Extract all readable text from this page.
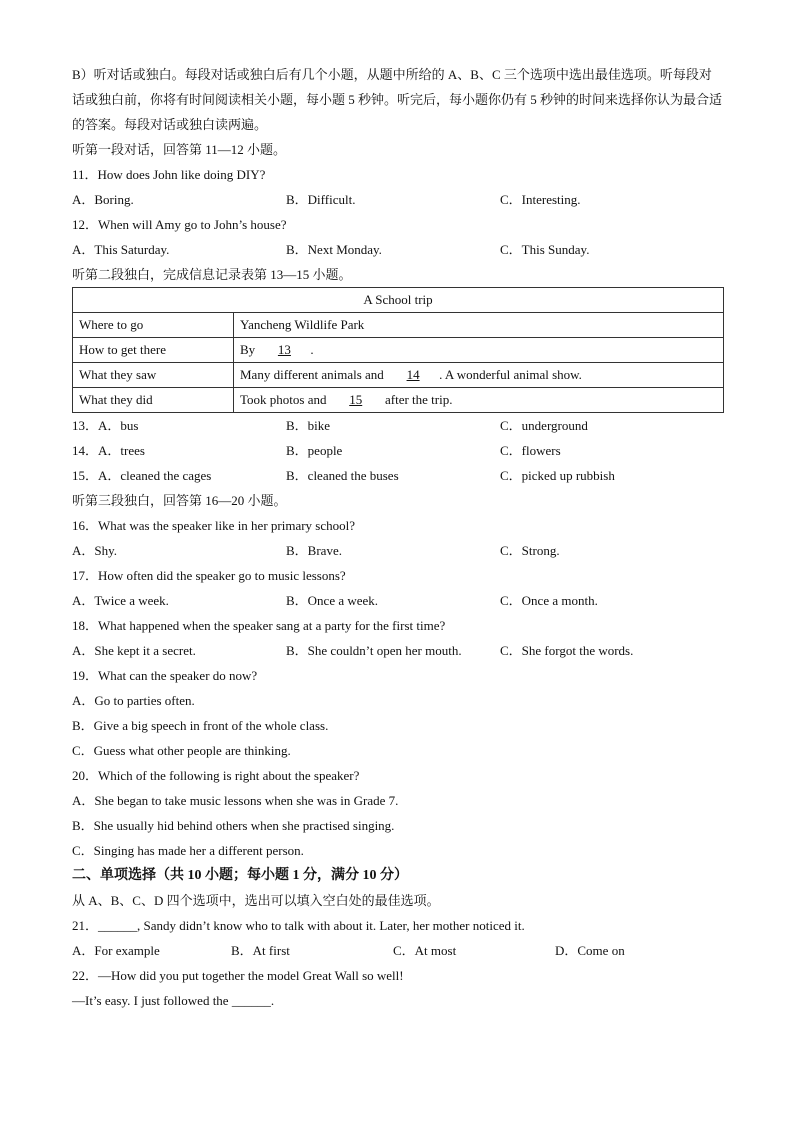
B）听对话或独白。每段对话或独白后有几个小题，从题中所给的 A、B、C 三个选项中选出最佳选项。听每段对话或独白前，你将有时间阅读相关小题，每小题 5 秒钟。听完后，每小题你仍有 5 秒钟的时间来选择你认为最合适的答案。每段对话或独白读两遍。
听第一段对话，回答第 11—12 小题。
11．How does John like doing DIY?
A．Boring.	B．Difficult.	C．Interesting.
12．When will Amy go to John’s house?
A．This Saturday.	B．Next Monday.	C．This Sunday.
听第二段独白，完成信息记录表第 13—15 小题。
A School trip	
Where to go	Yancheng Wildlife Park
How to get there	By 13 .
What they saw	Many different animals and 14 . A wonderful animal show.
What they did	Took photos and 15 after the trip.
13．A．bus	B．bike	C．underground
14．A．trees	B．people	C．flowers
15．A．cleaned the cages	B．cleaned the buses	C．picked up rubbish
听第三段独白，回答第 16—20 小题。
16．What was the speaker like in her primary school?
A．Shy.	B．Brave.	C．Strong.
17．How often did the speaker go to music lessons?
A．Twice a week.	B．Once a week.	C．Once a month.
18．What happened when the speaker sang at a party for the first time?
A．She kept it a secret.	B．She couldn’t open her mouth.	C．She forgot the words.
19．What can the speaker do now?
A．Go to parties often.
B．Give a big speech in front of the whole class.
C．Guess what other people are thinking.
20．Which of the following is right about the speaker?
A．She began to take music lessons when she was in Grade 7.
B．She usually hid behind others when she practised singing.
C．Singing has made her a different person.
二、单项选择（共 10 小题；每小题 1 分，满分 10 分）
从 A、B、C、D 四个选项中，选出可以填入空白处的最佳选项。
21．______, Sandy didn’t know who to talk with about it. Later, her mother noticed it.
A．For example	B．At first	C．At most	D．Come on
22．—How did you put together the model Great Wall so well!
—It’s easy. I just followed the ______.
